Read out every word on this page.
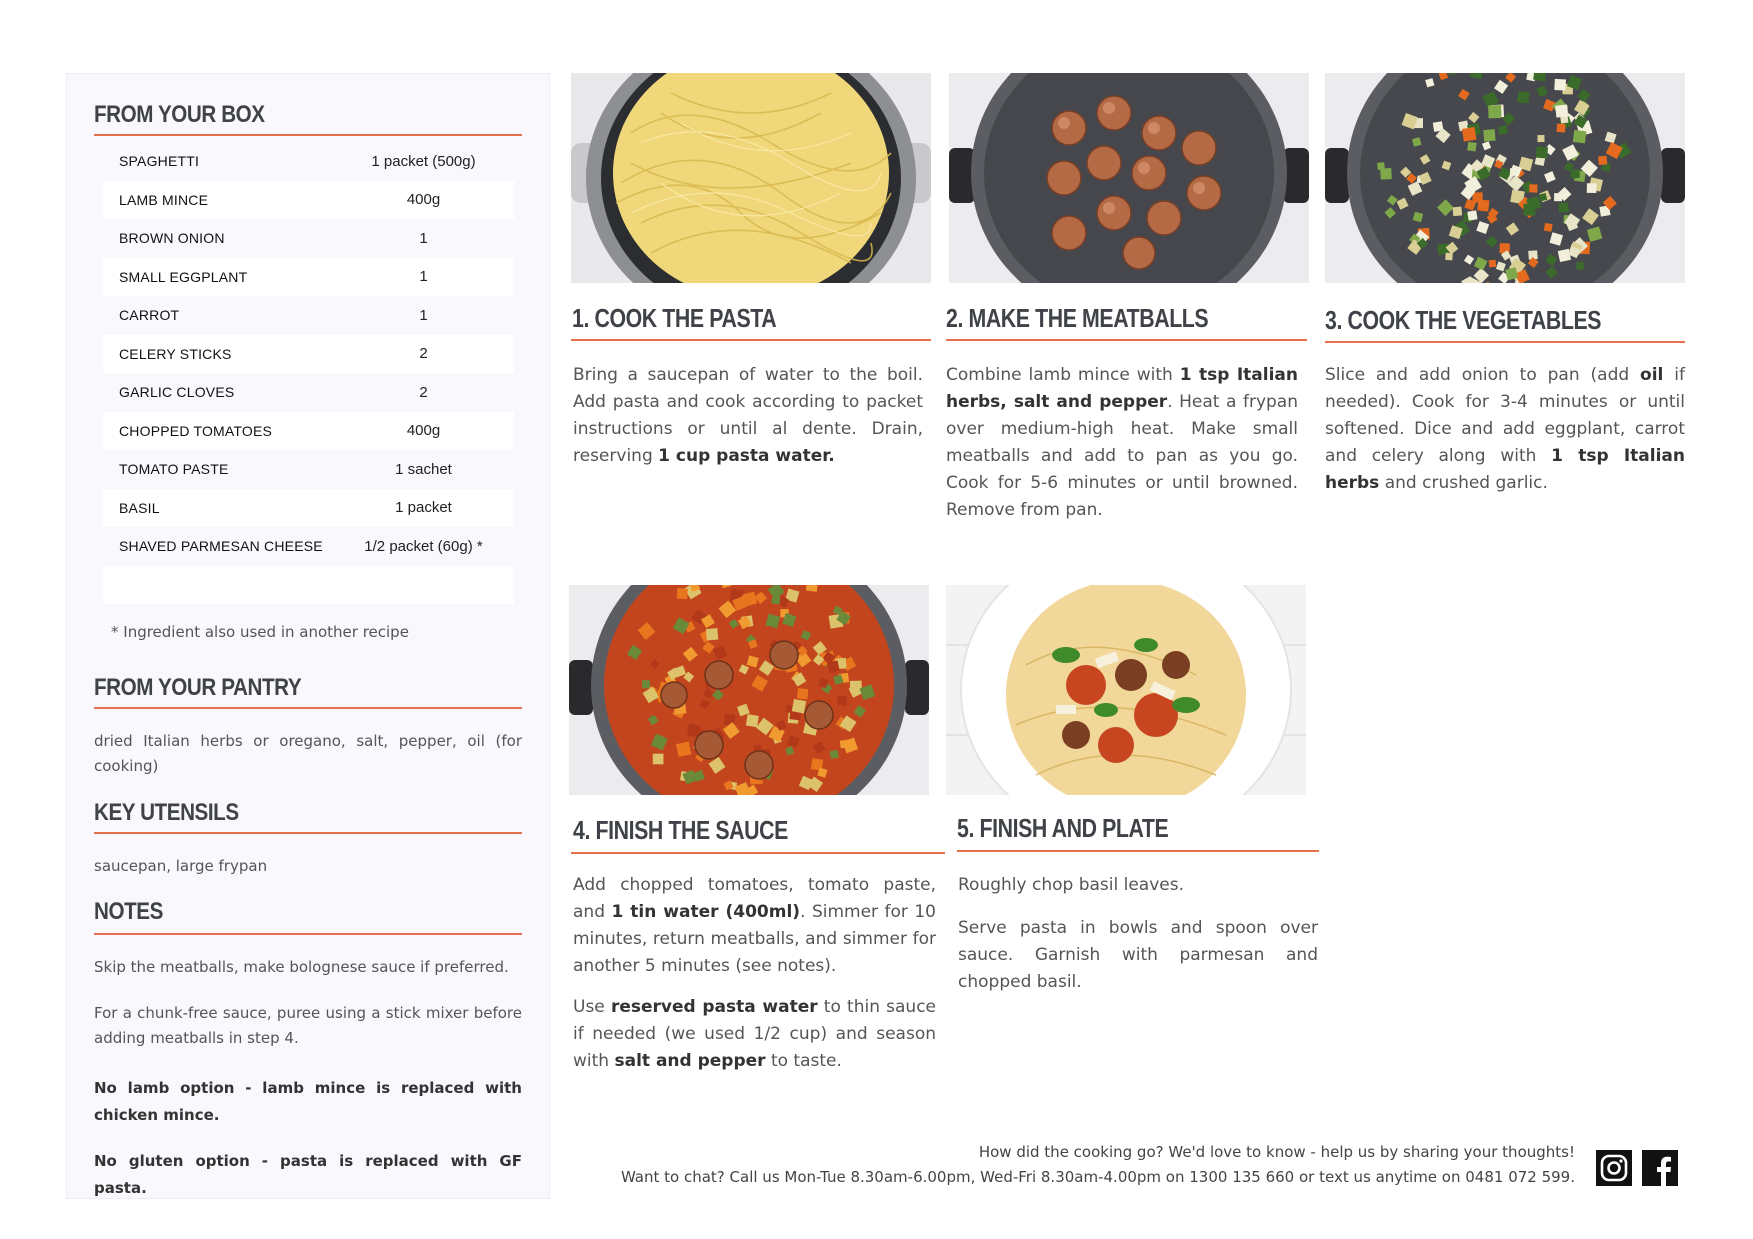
FROM YOUR BOX
SPAGHETTI	1 packet (500g)
LAMB MINCE	400g
BROWN ONION	1
SMALL EGGPLANT	1
CARROT	1
CELERY STICKS	2
GARLIC CLOVES	2
CHOPPED TOMATOES	400g
TOMATO PASTE	1 sachet
BASIL	1 packet
SHAVED PARMESAN CHEESE	1/2 packet (60g) *
* Ingredient also used in another recipe
FROM YOUR PANTRY
dried Italian herbs or oregano, salt, pepper, oil (for cooking)
KEY UTENSILS
saucepan, large frypan
NOTES
Skip the meatballs, make bolognese sauce if preferred.
For a chunk-free sauce, puree using a stick mixer before adding meatballs in step 4.
No lamb option - lamb mince is replaced with chicken mince.
No gluten option - pasta is replaced with GF pasta.
1. COOK THE PASTA
Bring a saucepan of water to the boil. Add pasta and cook according to packet instructions or until al dente. Drain, reserving 1 cup pasta water.
2. MAKE THE MEATBALLS
Combine lamb mince with 1 tsp Italian herbs, salt and pepper. Heat a frypan over medium-high heat. Make small meatballs and add to pan as you go. Cook for 5-6 minutes or until browned. Remove from pan.
3. COOK THE VEGETABLES
Slice and add onion to pan (add oil if needed). Cook for 3-4 minutes or until softened. Dice and add eggplant, carrot and celery along with 1 tsp Italian herbs and crushed garlic.
4. FINISH THE SAUCE
Add chopped tomatoes, tomato paste, and 1 tin water (400ml). Simmer for 10 minutes, return meatballs, and simmer for another 5 minutes (see notes).
Use reserved pasta water to thin sauce if needed (we used 1/2 cup) and season with salt and pepper to taste.
5. FINISH AND PLATE
Roughly chop basil leaves.
Serve pasta in bowls and spoon over sauce. Garnish with parmesan and chopped basil.
How did the cooking go? We'd love to know - help us by sharing your thoughts!
Want to chat? Call us Mon-Tue 8.30am-6.00pm, Wed-Fri 8.30am-4.00pm on 1300 135 660 or text us anytime on 0481 072 599.
